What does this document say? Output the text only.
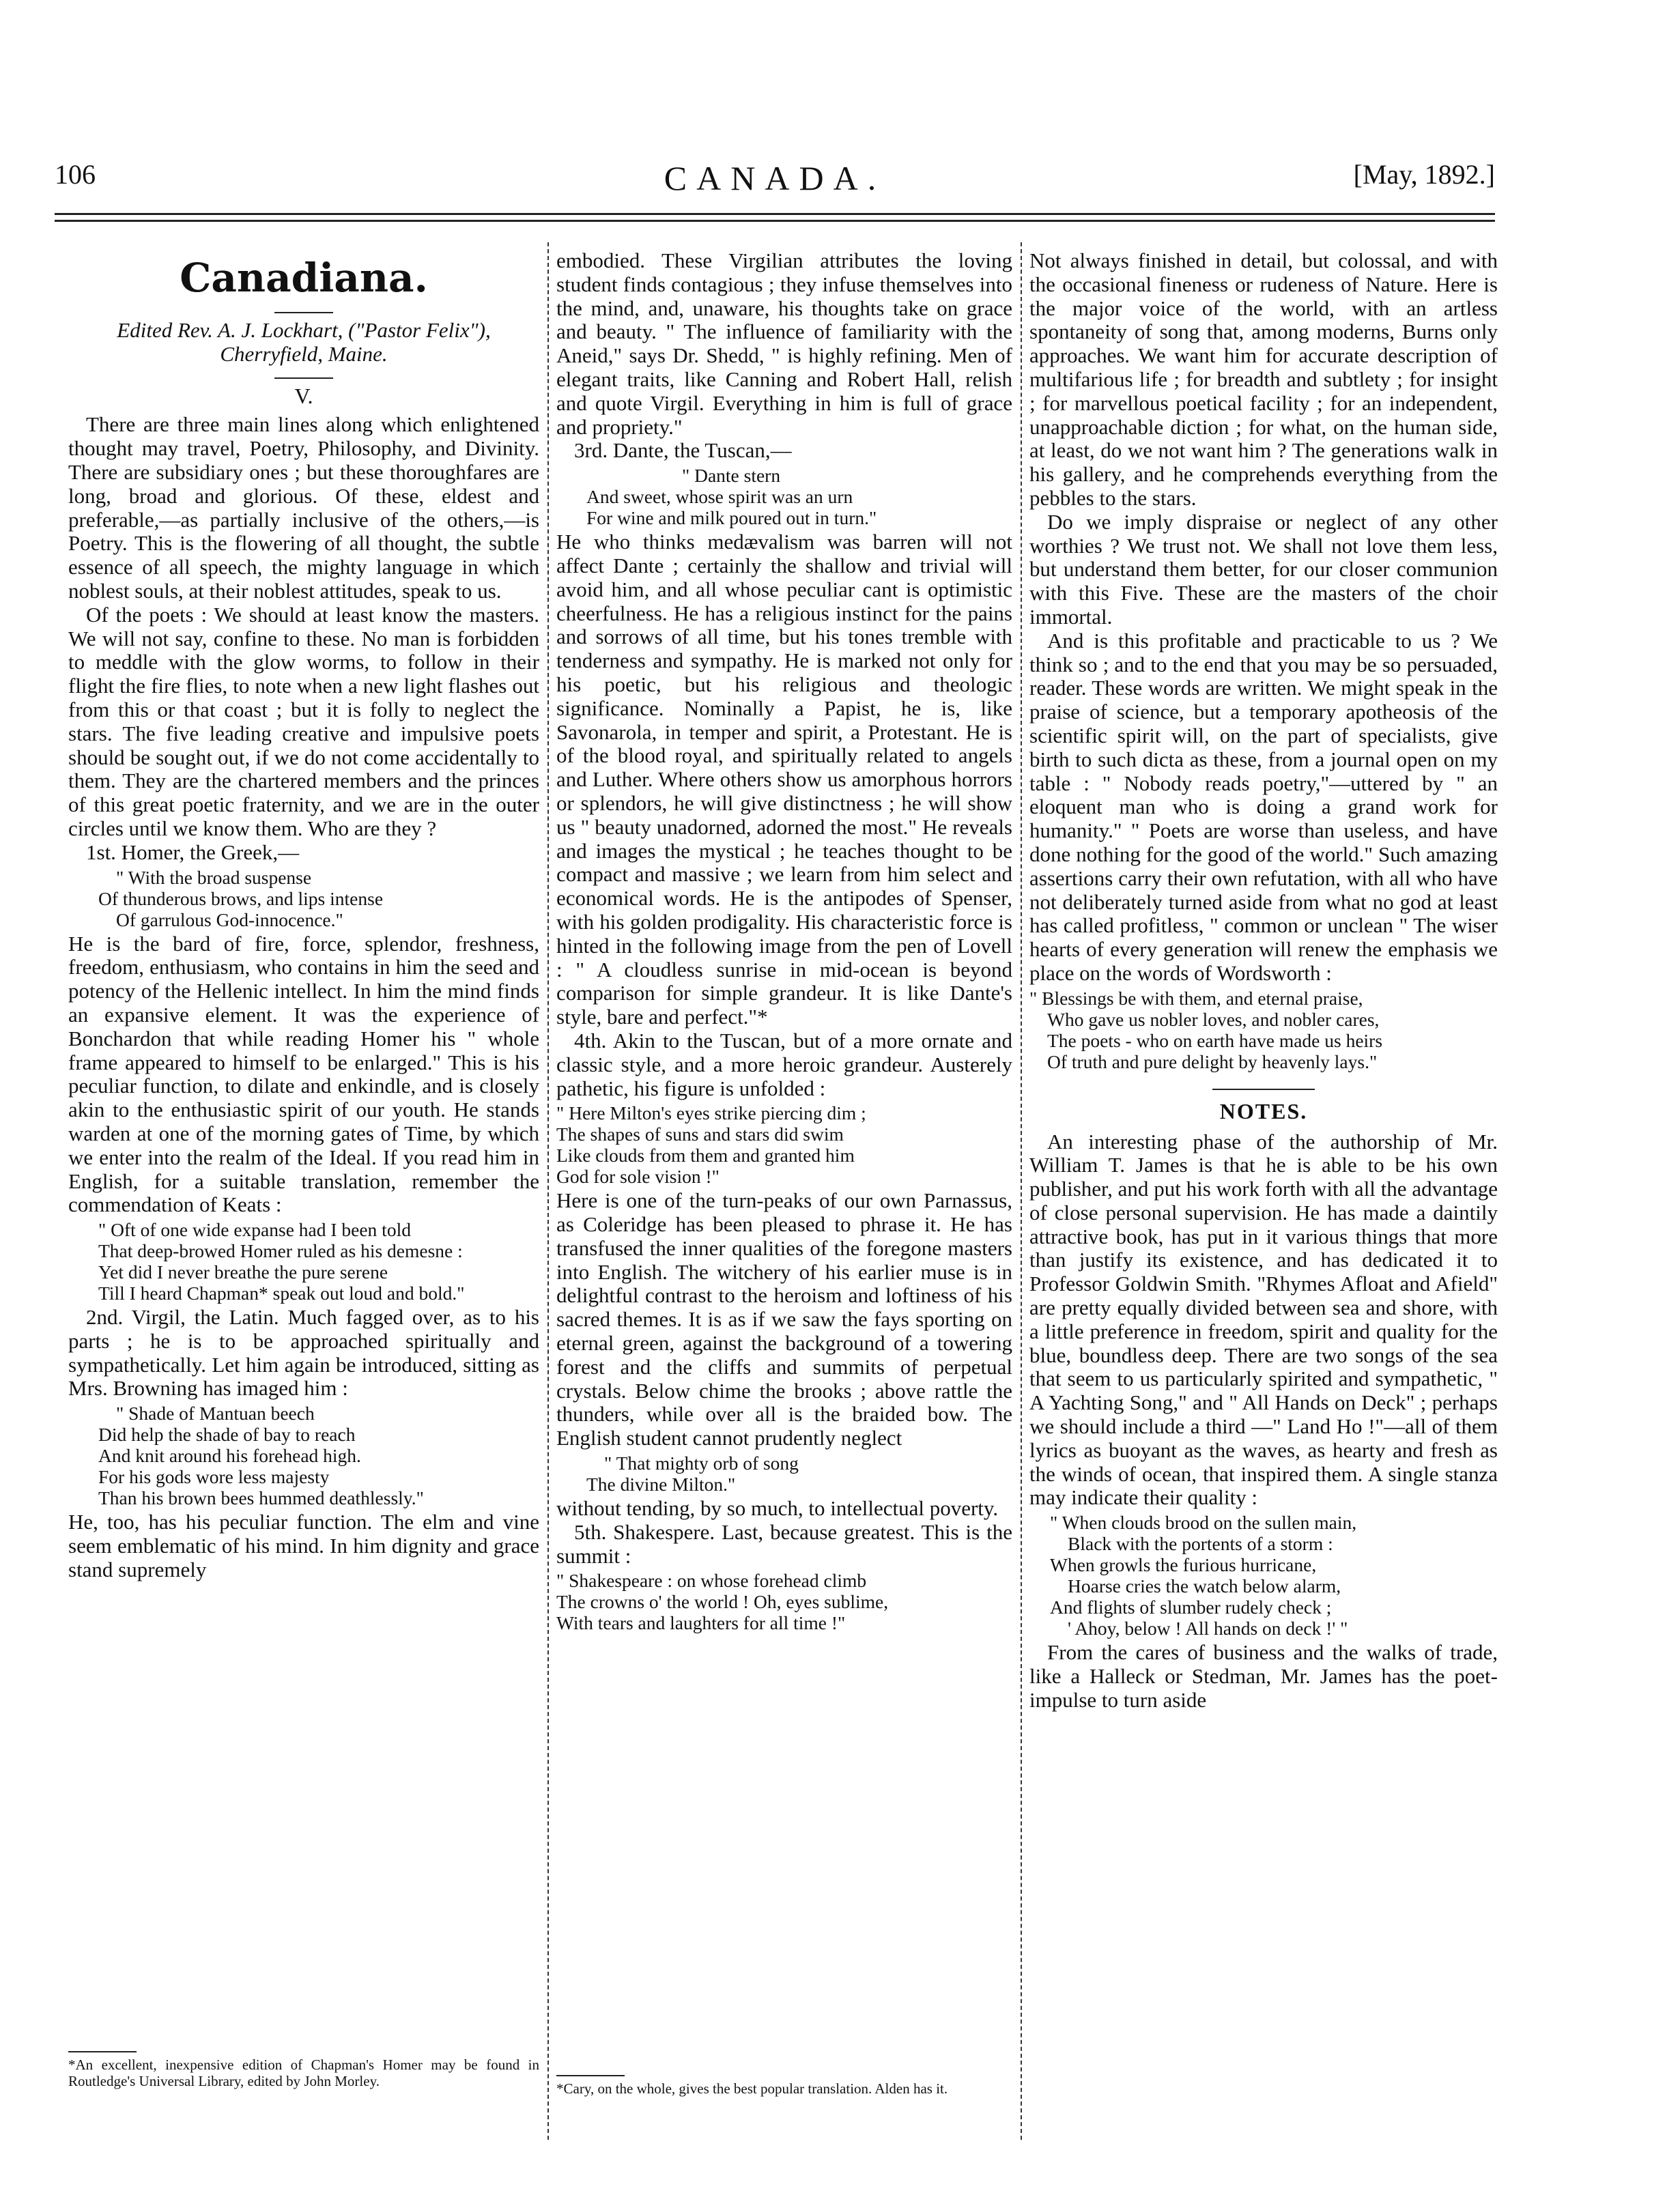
106	CANADA.	[May, 1892.]
Canadiana.
Edited Rev. A. J. Lockhart, ("Pastor Felix"), Cherryfield, Maine.
V.

There are three main lines along which enlightened thought may travel, Poetry, Philosophy, and Divinity. There are subsidiary ones ; but these thoroughfares are long, broad and glorious. Of these, eldest and preferable,—as partially inclusive of the others,—is Poetry. This is the flowering of all thought, the subtle essence of all speech, the mighty language in which noblest souls, at their noblest attitudes, speak to us.

Of the poets : We should at least know the masters. We will not say, confine to these. No man is forbidden to meddle with the glow worms, to follow in their flight the fire flies, to note when a new light flashes out from this or that coast ; but it is folly to neglect the stars. The five leading creative and impulsive poets should be sought out, if we do not come accidentally to them. They are the chartered members and the princes of this great poetic fraternity, and we are in the outer circles until we know them. Who are they ?

1st. Homer, the Greek,—

" With the broad suspense
Of thunderous brows, and lips intense
Of garrulous God-innocence."

He is the bard of fire, force, splendor, freshness, freedom, enthusiasm, who contains in him the seed and potency of the Hellenic intellect. In him the mind finds an expansive element. It was the experience of Bonchardon that while reading Homer his " whole frame appeared to himself to be enlarged." This is his peculiar function, to dilate and enkindle, and is closely akin to the enthusiastic spirit of our youth. He stands warden at one of the morning gates of Time, by which we enter into the realm of the Ideal. If you read him in English, for a suitable translation, remember the commendation of Keats :

" Oft of one wide expanse had I been told
That deep-browed Homer ruled as his demesne :
Yet did I never breathe the pure serene
Till I heard Chapman* speak out loud and bold."

2nd. Virgil, the Latin. Much fagged over, as to his parts ; he is to be approached spiritually and sympathetically. Let him again be introduced, sitting as Mrs. Browning has imaged him :

" Shade of Mantuan beech
Did help the shade of bay to reach
And knit around his forehead high.
For his gods wore less majesty
Than his brown bees hummed deathlessly."

He, too, has his peculiar function. The elm and vine seem emblematic of his mind. In him dignity and grace stand supremely

*An excellent, inexpensive edition of Chapman's Homer may be found in Routledge's Universal Library, edited by John Morley.

embodied. These Virgilian attributes the loving student finds contagious ; they infuse themselves into the mind, and, unaware, his thoughts take on grace and beauty. " The influence of familiarity with the Aneid," says Dr. Shedd, " is highly refining. Men of elegant traits, like Canning and Robert Hall, relish and quote Virgil. Everything in him is full of grace and propriety."

3rd. Dante, the Tuscan,—

" Dante stern
And sweet, whose spirit was an urn
For wine and milk poured out in turn."

He who thinks medævalism was barren will not affect Dante ; certainly the shallow and trivial will avoid him, and all whose peculiar cant is optimistic cheerfulness. He has a religious instinct for the pains and sorrows of all time, but his tones tremble with tenderness and sympathy. He is marked not only for his poetic, but his religious and theologic significance. Nominally a Papist, he is, like Savonarola, in temper and spirit, a Protestant. He is of the blood royal, and spiritually related to angels and Luther. Where others show us amorphous horrors or splendors, he will give distinctness ; he will show us " beauty unadorned, adorned the most." He reveals and images the mystical ; he teaches thought to be compact and massive ; we learn from him select and economical words. He is the antipodes of Spenser, with his golden prodigality. His characteristic force is hinted in the following image from the pen of Lovell : " A cloudless sunrise in mid-ocean is beyond comparison for simple grandeur. It is like Dante's style, bare and perfect."*

4th. Akin to the Tuscan, but of a more ornate and classic style, and a more heroic grandeur. Austerely pathetic, his figure is unfolded :

" Here Milton's eyes strike piercing dim ;
The shapes of suns and stars did swim
Like clouds from them and granted him
God for sole vision !"

Here is one of the turn-peaks of our own Parnassus, as Coleridge has been pleased to phrase it. He has transfused the inner qualities of the foregone masters into English. The witchery of his earlier muse is in delightful contrast to the heroism and loftiness of his sacred themes. It is as if we saw the fays sporting on eternal green, against the background of a towering forest and the cliffs and summits of perpetual crystals. Below chime the brooks ; above rattle the thunders, while over all is the braided bow. The English student cannot prudently neglect

" That mighty orb of song
The divine Milton."

without tending, by so much, to intellectual poverty.

5th. Shakespere. Last, because greatest. This is the summit :

" Shakespeare : on whose forehead climb
The crowns o' the world ! Oh, eyes sublime,
With tears and laughters for all time !"
*Cary, on the whole, gives the best popular translation. Alden has it.

Not always finished in detail, but colossal, and with the occasional fineness or rudeness of Nature. Here is the major voice of the world, with an artless spontaneity of song that, among moderns, Burns only approaches. We want him for accurate description of multifarious life ; for breadth and subtlety ; for insight ; for marvellous poetical facility ; for an independent, unapproachable diction ; for what, on the human side, at least, do we not want him ? The generations walk in his gallery, and he comprehends everything from the pebbles to the stars.

Do we imply dispraise or neglect of any other worthies ? We trust not. We shall not love them less, but understand them better, for our closer communion with this Five. These are the masters of the choir immortal.

And is this profitable and practicable to us ? We think so ; and to the end that you may be so persuaded, reader. These words are written. We might speak in the praise of science, but a temporary apotheosis of the scientific spirit will, on the part of specialists, give birth to such dicta as these, from a journal open on my table : " Nobody reads poetry,"—uttered by " an eloquent man who is doing a grand work for humanity." " Poets are worse than useless, and have done nothing for the good of the world." Such amazing assertions carry their own refutation, with all who have not deliberately turned aside from what no god at least has called profitless, " common or unclean " The wiser hearts of every generation will renew the emphasis we place on the words of Wordsworth :

" Blessings be with them, and eternal praise,
Who gave us nobler loves, and nobler cares,
The poets - who on earth have made us heirs
Of truth and pure delight by heavenly lays."
NOTES.

An interesting phase of the authorship of Mr. William T. James is that he is able to be his own publisher, and put his work forth with all the advantage of close personal supervision. He has made a daintily attractive book, has put in it various things that more than justify its existence, and has dedicated it to Professor Goldwin Smith. "Rhymes Afloat and Afield" are pretty equally divided between sea and shore, with a little preference in freedom, spirit and quality for the blue, boundless deep. There are two songs of the sea that seem to us particularly spirited and sympathetic, " A Yachting Song," and " All Hands on Deck" ; perhaps we should include a third —" Land Ho !"—all of them lyrics as buoyant as the waves, as hearty and fresh as the winds of ocean, that inspired them. A single stanza may indicate their quality :

" When clouds brood on the sullen main,
Black with the portents of a storm :
When growls the furious hurricane,
Hoarse cries the watch below alarm,
And flights of slumber rudely check ;
' Ahoy, below ! All hands on deck !' "

From the cares of business and the walks of trade, like a Halleck or Stedman, Mr. James has the poet-impulse to turn aside
